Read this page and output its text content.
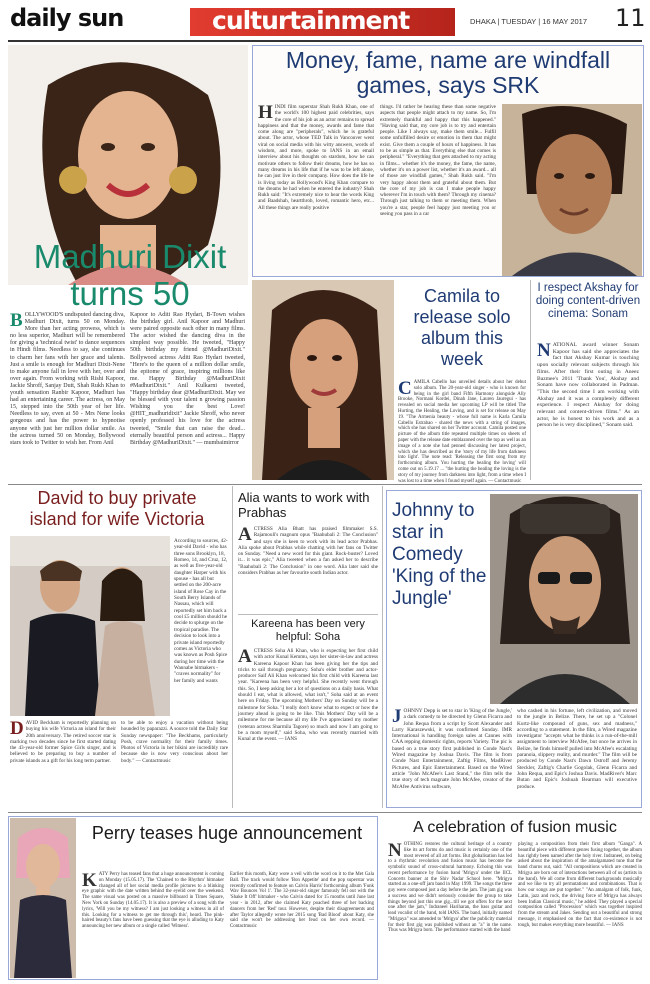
daily sun	culturtainment	DHAKA | TUESDAY | 16 MAY 2017 11
Money, fame, name are windfall games, says SRK
HINDI film superstar Shah Rukh Khan, one of the world's 100 highest paid celebrities, says the core of his job as an actor remains to spread happiness and that the money, awards and fame that come along are "peripherals", which he is grateful about. The actor, whose TED Talk in Vancouver went viral on social media with his witty answers, words of wisdom, and more, spoke to IANS in an email interview about his thoughts on stardom, how he can motivate others to follow their dreams, how he has so many dreams in his life that if he was to be left alone, he can just live in their company. How does the life he is living today as Bollywood's King Khan compare to the dreams he had when he entered the industry? Shah Rukh said: "It's extremely nice to hear the words King and Baadshah, heartthrob, loved, romantic hero, etc... All these things are really positive
things. I'd rather be hearing these than some negative aspects that people might attach to my name. So, I'm extremely thankful and happy that this happened." "Having said that, my core job is to try and entertain people. Like I always say, make them smile... Fulfil some unfulfilled desire or emotion in them that might exist. Give them a couple of hours of happiness. It has to be as simple as that. Everything else that comes is peripheral." "Everything that gets attached to my acting in films... whether it's the money, the fame, the name, whether it's on a power list, whether it's an award... all of those are windfall games," Shah Rukh said. "I'm very happy about them and grateful about them. But the core of my job is can I make people happy wherever I'm in touch with them? Through my cinema? Through just talking to them or meeting them. When you're a star, people feel happy just meeting you or seeing you pass in a car
Madhuri Dixit turns 50
BOLLYWOOD'S undisputed dancing diva, Madhuri Dixit, turns 50 on Monday. More than her acting prowess, which is no less superior, Madhuri will be remembered for giving a 'technical twist' to dance sequences in Hindi films. Needless to say, she continues to charm her fans with her grace and talents. Just a smile is enough for Madhuri Dixit-Nene to make anyone fall in love with her, over and over again. From working with Rishi Kapoor, Jackie Shroff, Sanjay Dutt, Shah Rukh Khan to youth sensation Ranbir Kapoor, Madhuri has had an entertaining career. The actress, on May 15, stepped into the 50th year of her life. Needless to say, even at 50 - Mrs Nene looks gorgeous and has the power to hypnotise anyone with just her million dollar smile. As the actress turned 50 on Monday, Bollywood stars took to Twitter to wish her. From Anil
Kapoor to Aditi Rao Hydari, B-Town wishes the birthday girl. Anil Kapoor and Madhuri were paired opposite each other in many films. The actor wished the dancing diva in the simplest way possible. He tweeted, "Happy 50th birthday my friend @MadhuriDixit." Bollywood actress Aditi Rao Hydari tweeted, "Here's to the queen of a million dollar smile, the epitome of grace, inspiring millions like me. Happy Birthday @MadhuriDixit #MadhuriDixit." Anil Kulkarni tweeted, "Happy birthday dear @MadhuriDixit. May we be blessed with your talent n growing passion Wishing you the best Love! @HIT_madhuridixit" Jackie Shroff, who never openly professed his love for the actress tweeted, "Smile that can raise the dead... eternally beautiful person and actress... Happy Birthday @MadhuriDixit." — mumbaimirror
Camila to release solo album this week
CAMILA Cabello has unveiled details about her debut solo album. The 20-year-old singer - who is known for being in the girl band Fifth Harmony alongside Ally Brooke, Normani Kordei, Dinah Jane, Lauren Jauregui - has revealed on social media her upcoming LP will be titled The Hurting, the Healing, the Loving, and is set for release on May 19. "The Armenia beauty - whose full name is Karla Camila Cabello Estrabao - shared the news with a string of images, which she has shared on her Twitter account. Camila posted one picture of the album title repeated multiple times on sheets of paper with the release date emblazoned over the top as well as an image of a note she had penned discussing her latest project, which she has described as the 'story of my life from darkness into light'. The note read: 'Releasing the first song from my forthcoming album. You hurting the healing the loving' will come out on 5.19.17 ... "the hurting the healing the loving is the story of my journey from darkness into light, from a time when I was lost to a time when I found myself again. — Contactmusic
I respect Akshay for doing content-driven cinema: Sonam
NATIONAL award winner Sonam Kapoor has said she appreciates the fact that Akshay Kumar is touching upon socially relevant subjects through his films. After their first outing in Aneez Bazmee's 2011 'Thank You', Akshay and Sonam have now collaborated in Padman. "This the second time I am working with Akshay and it was a completely different experience. I respect Akshay for doing relevant and content-driven films." As an actor, he is honest to his work and as a person he is very disciplined," Sonam said.
David to buy private island for wife Victoria
According to sources, 42-year-old David - who has three sons Brooklyn, 18, Romeo, 14, and Cruz, 12, as well as five-year-old daughter Harper with his spouse - has all but settled on the 200-acre island of Rose Cay in the South Berry Islands of Nassau, which will reportedly set him back a cool £5 million should he decide to splurge on the tropical paradise. The decision to look into a private island reportedly comes as Victoria who was known as Posh Spice during her time with the Wannabe hitmakers - "craves normality" for her family and wants
DAVID Beckham is reportedly planning on buying his wife Victoria an island for their 20th anniversary. The retired soccer star is marking two decades since he first started dating the 43-year-old former Spice Girls singer, and is believed to be preparing to buy a number of private islands as a gift for his long term partner.
to be able to enjoy a vacation without being hounded by paparazzi. A source told the Daily Star Sunday newspaper: "The Beckhams, particularly Posh, crave normality for their family times. Photos of Victoria in her bikini are incredibly rare because she is now very conscious about her body." — Contactmusic
Alia wants to work with Prabhas
ACTRESS Alia Bhatt has praised filmmaker S.S. Rajamouli's magnum opus "Baahubali 2: The Conclusion" and says she is keen to work with its lead actor Prabhas. Alia spoke about Prabhas while chatting with her fans on Twitter on Sunday. "Need a new word for this giant. Rock-buster? Loved it... it was epic," Alia tweeted when a fan asked her to describe "Baahubali 2: The Conclusion" in one word. Alia later said she considers Prabhas as her favourite south Indian actor.
Kareena has been very helpful: Soha
ACTRESS Soha Ali Khan, who is expecting her first child with actor Kunal Kemmu, says her sister-in-law and actress Kareena Kapoor Khan has been giving her the tips and tricks to sail through pregnancy. Soha's elder brother and actor-producer Saif Ali Khan welcomed his first child with Kareena last year. "Kareena has been very helpful. She recently went through this. So, I keep asking her a lot of questions on a daily basis. What should I eat, what is allowed, what isn't," Soha said at an event here on Friday. The upcoming Mothers' Day on Sunday will be a milestone for Soha. "I really don't know what to expect or how the journey ahead is going to be like. This Mothers' Day will be a milestone for me because all my life I've appreciated my mother (veteran actress Sharmila Tagore) so much and now I am going to be a mom myself," said Soha, who was recently married with Kunal at the event. — IANS
Johnny to star in Comedy 'King of the Jungle'
JOHNNY Depp is set to star in 'King of the Jungle,' a dark comedy to be directed by Glenn Ficarra and John Requa from a script by Scott Alexander and Larry Karaszewski, it was confirmed Sunday. IMR International is handling foreign sales at Cannes with CAA repping domestic rights, reports Variety. The pic is based on a true story first published in Conde Nast's Wired magazine by Joshua Davis. The film is from Conde Nast Entertainment, Zaftig Films, MadRiver Pictures, and Epic Entertainment. Based on the Wired article "John McAfee's Last Stand," the film tells the true story of tech magnate John McAfee, creator of the McAfee Antivirus software,
who cashed in his fortune, left civilization, and moved to the jungle in Belize. There, he set up a "Colonel Kurtz-like compound of guns, sex and madness," according to a statement. In the film, a Wired magazine investigator "accepts what he thinks is a run-of-the-mill assignment to interview McAfee, but once he arrives in Belize, he finds himself pulled into McAfee's escalating paranoia, slippery reality, and murder." The film will be produced by Conde Nast's Dawn Ostroff and Jeremy Steckler, Zaftig's Charlie Gogolak, Glenn Ficarra and John Requa, and Epic's Joshua Davis. MadRiver's Marc Butan and Epic's Joshuah Bearman will executive produce.
Perry teases huge announcement
KATY Perry has teased fans that a huge announcement is coming on Monday (15.05.17). The 'Chained to the Rhythm' hitmaker changed all of her social media profile pictures to a blinking eye graphic with the date written behind the eyelid over the weekend. The same visual was posted on a massive billboard in Times Square, New York on Sunday (14.05.17). It is also a preview of a song with the lyrics, 'Will you be my witness? I am just looking a witness in all of this. Looking for a witness to get me through this', heard. The pink-haired beauty's fans have been guessing that the eye is alluding to Katy announcing her new album or a single called 'Witness'.
Earlier this month, Katy wore a veil with the word on it to the Met Gala Ball. The track would follow 'Bon Appetite' and the pop superstar was recently confirmed to feature on Calvin Harris' forthcoming album 'Funk Wav Bounces Vol 1'. The 32-year-old singer famously fell out with the 'Shake It Off' hitmaker - who Calvin dated for 15 months until June last year - in 2012, after she claimed Katy poached three of her backing dancers from her 'Red' tour. However, despite their disagreements and after Taylor allegedly wrote her 2015 song 'Bad Blood' about Katy, she said she won't be addressing her feud on her own record. — Contactmusic
A celebration of fusion music
NOTHING restores the cultural heritage of a country like its art forms do and music is certainly one of the most revered of all art forms. But globalisation has led to a rhythmic revolution and fusion music has become the symbolic sound of cross-cultural harmony. Echoing this was recent performance by fusion band 'Mrigya' under the IICL Concerts banner at the Shiv Nadar School here. "Mrigya started as a one-off jam band in May 1999. The songs the three guy were composed just a day before the jam. The jam gig was a success and we didn't seriously consider the group to take things beyond just this one gig...till we got offers for the next one after the jam," Indraneel Hariharan, the bass guitar and lead vocalist of the band, told IANS. The band, initially named "Mrigaya" was amended to 'Mrigya' after the publicity material for their first gig was published without an "a" in the name. Thus was Mrigya born. The performance started with the band
playing a composition from their first album "Ganga". A beautiful piece with different genres fusing together, the album has rightly been named after the holy river. Indraneel, on being asked about the inspiration of the amalgamated tune that the band churns out, said: "All compositions which are created in Mrigya are born out of interactions between all of us (artists in the band). We all come from different backgrounds musically and we like to try all permutations and combinations. That is how our songs are put together." "An amalgam of folk, funk, Latin, jazz and rock, the driving force of Mrigya has always been Indian Classical music," he added. They played a special composition called "Procession" which was together inspired from the stream and Jakes. Sending out a beautiful and strong message, it emphasised on the fact that co-existence is not tough, but makes everything more beautiful. — IANS
